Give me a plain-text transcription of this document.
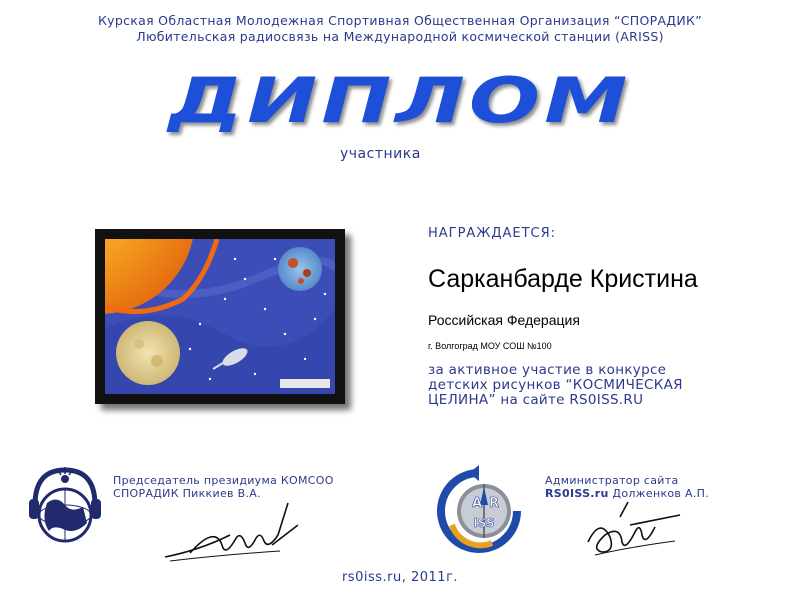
Курская Областная Молодежная Спортивная Общественная Организация “СПОРАДИК”
Любительская радиосвязь на Международной космической станции (ARISS)
ДИПЛОМ
участника
НАГРАЖДАЕТСЯ:
Сарканбарде Кристина
Российская Федерация
г. Волгоград МОУ СОШ №100
за активное участие в конкурсе
детских рисунков “КОСМИЧЕСКАЯ
ЦЕЛИНА” на сайте RS0ISS.RU
Председатель президиума КОМСОО
СПОРАДИК Пиккиев В.А.
A R
ISS
Администратор сайта
RS0ISS.ru Долженков А.П.
rs0iss.ru, 2011г.
